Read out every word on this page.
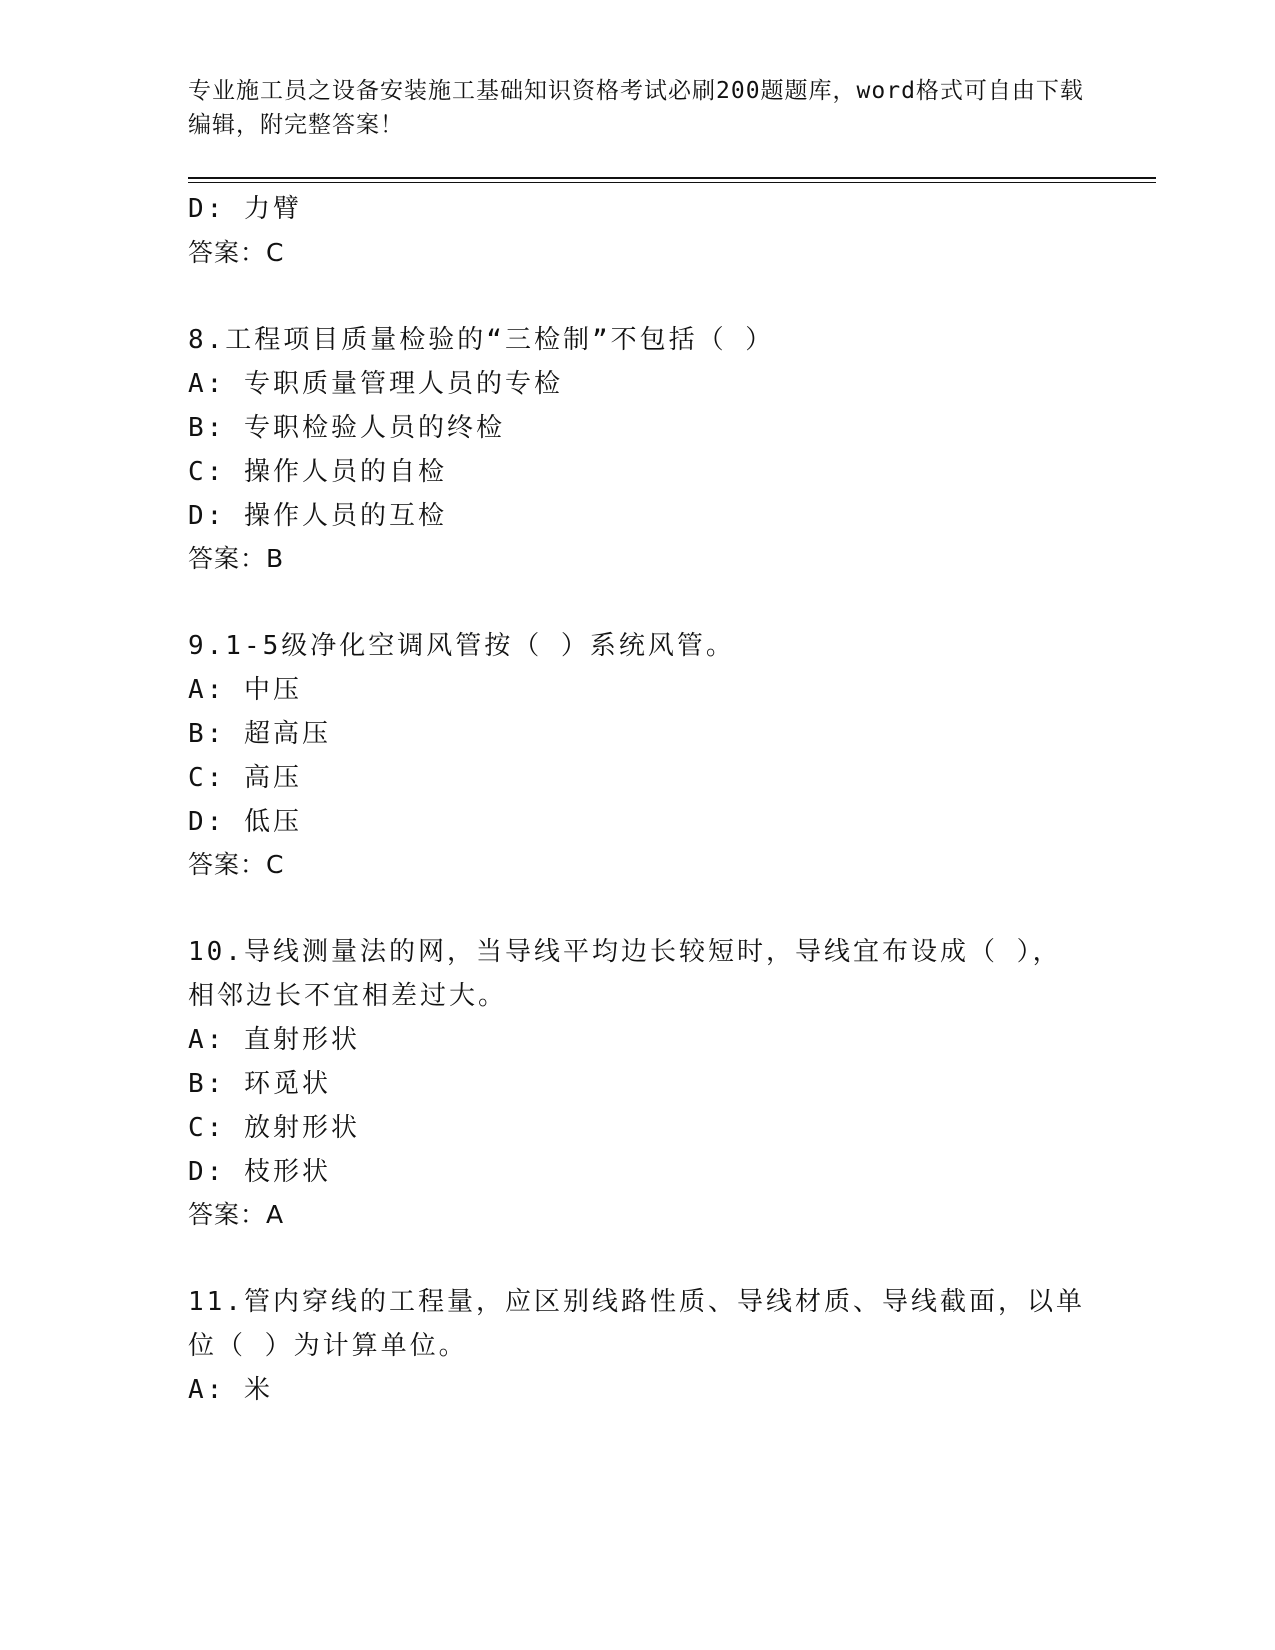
专业施工员之设备安装施工基础知识资格考试必刷200题题库，word格式可自由下载编辑，附完整答案！
D: 力臂
答案：C
8.工程项目质量检验的“三检制”不包括（ ）
A: 专职质量管理人员的专检
B: 专职检验人员的终检
C: 操作人员的自检
D: 操作人员的互检
答案：B
9.1-5级净化空调风管按（ ）系统风管。
A: 中压
B: 超高压
C: 高压
D: 低压
答案：C
10.导线测量法的网，当导线平均边长较短时，导线宜布设成（ ），
相邻边长不宜相差过大。
A: 直射形状
B: 环觅状
C: 放射形状
D: 枝形状
答案：A
11.管内穿线的工程量，应区别线路性质、导线材质、导线截面，以单
位（ ）为计算单位。
A: 米
